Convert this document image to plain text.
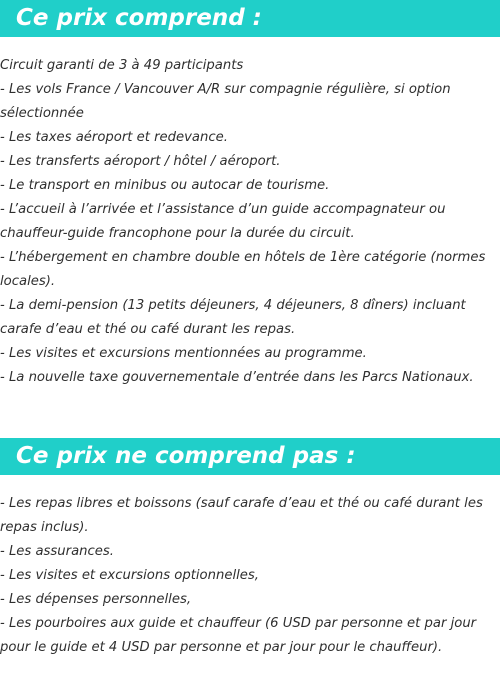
Ce prix comprend :
Circuit garanti de 3 à 49 participants
- Les vols France / Vancouver A/R sur compagnie régulière, si option sélectionnée
- Les taxes aéroport et redevance.
- Les transferts aéroport / hôtel / aéroport.
- Le transport en minibus ou autocar de tourisme.
- L’accueil à l’arrivée et l’assistance d’un guide accompagnateur ou chauffeur-guide francophone pour la durée du circuit.
- L’hébergement en chambre double en hôtels de 1ère catégorie (normes locales).
- La demi-pension (13 petits déjeuners, 4 déjeuners, 8 dîners) incluant carafe d’eau et thé ou café durant les repas.
- Les visites et excursions mentionnées au programme.
- La nouvelle taxe gouvernementale d’entrée dans les Parcs Nationaux.
Ce prix ne comprend pas :
- Les repas libres et boissons (sauf carafe d’eau et thé ou café durant les repas inclus).
- Les assurances.
- Les visites et excursions optionnelles,
- Les dépenses personnelles,
- Les pourboires aux guide et chauffeur (6 USD par personne et par jour pour le guide et 4 USD par personne et par jour pour le chauffeur).
